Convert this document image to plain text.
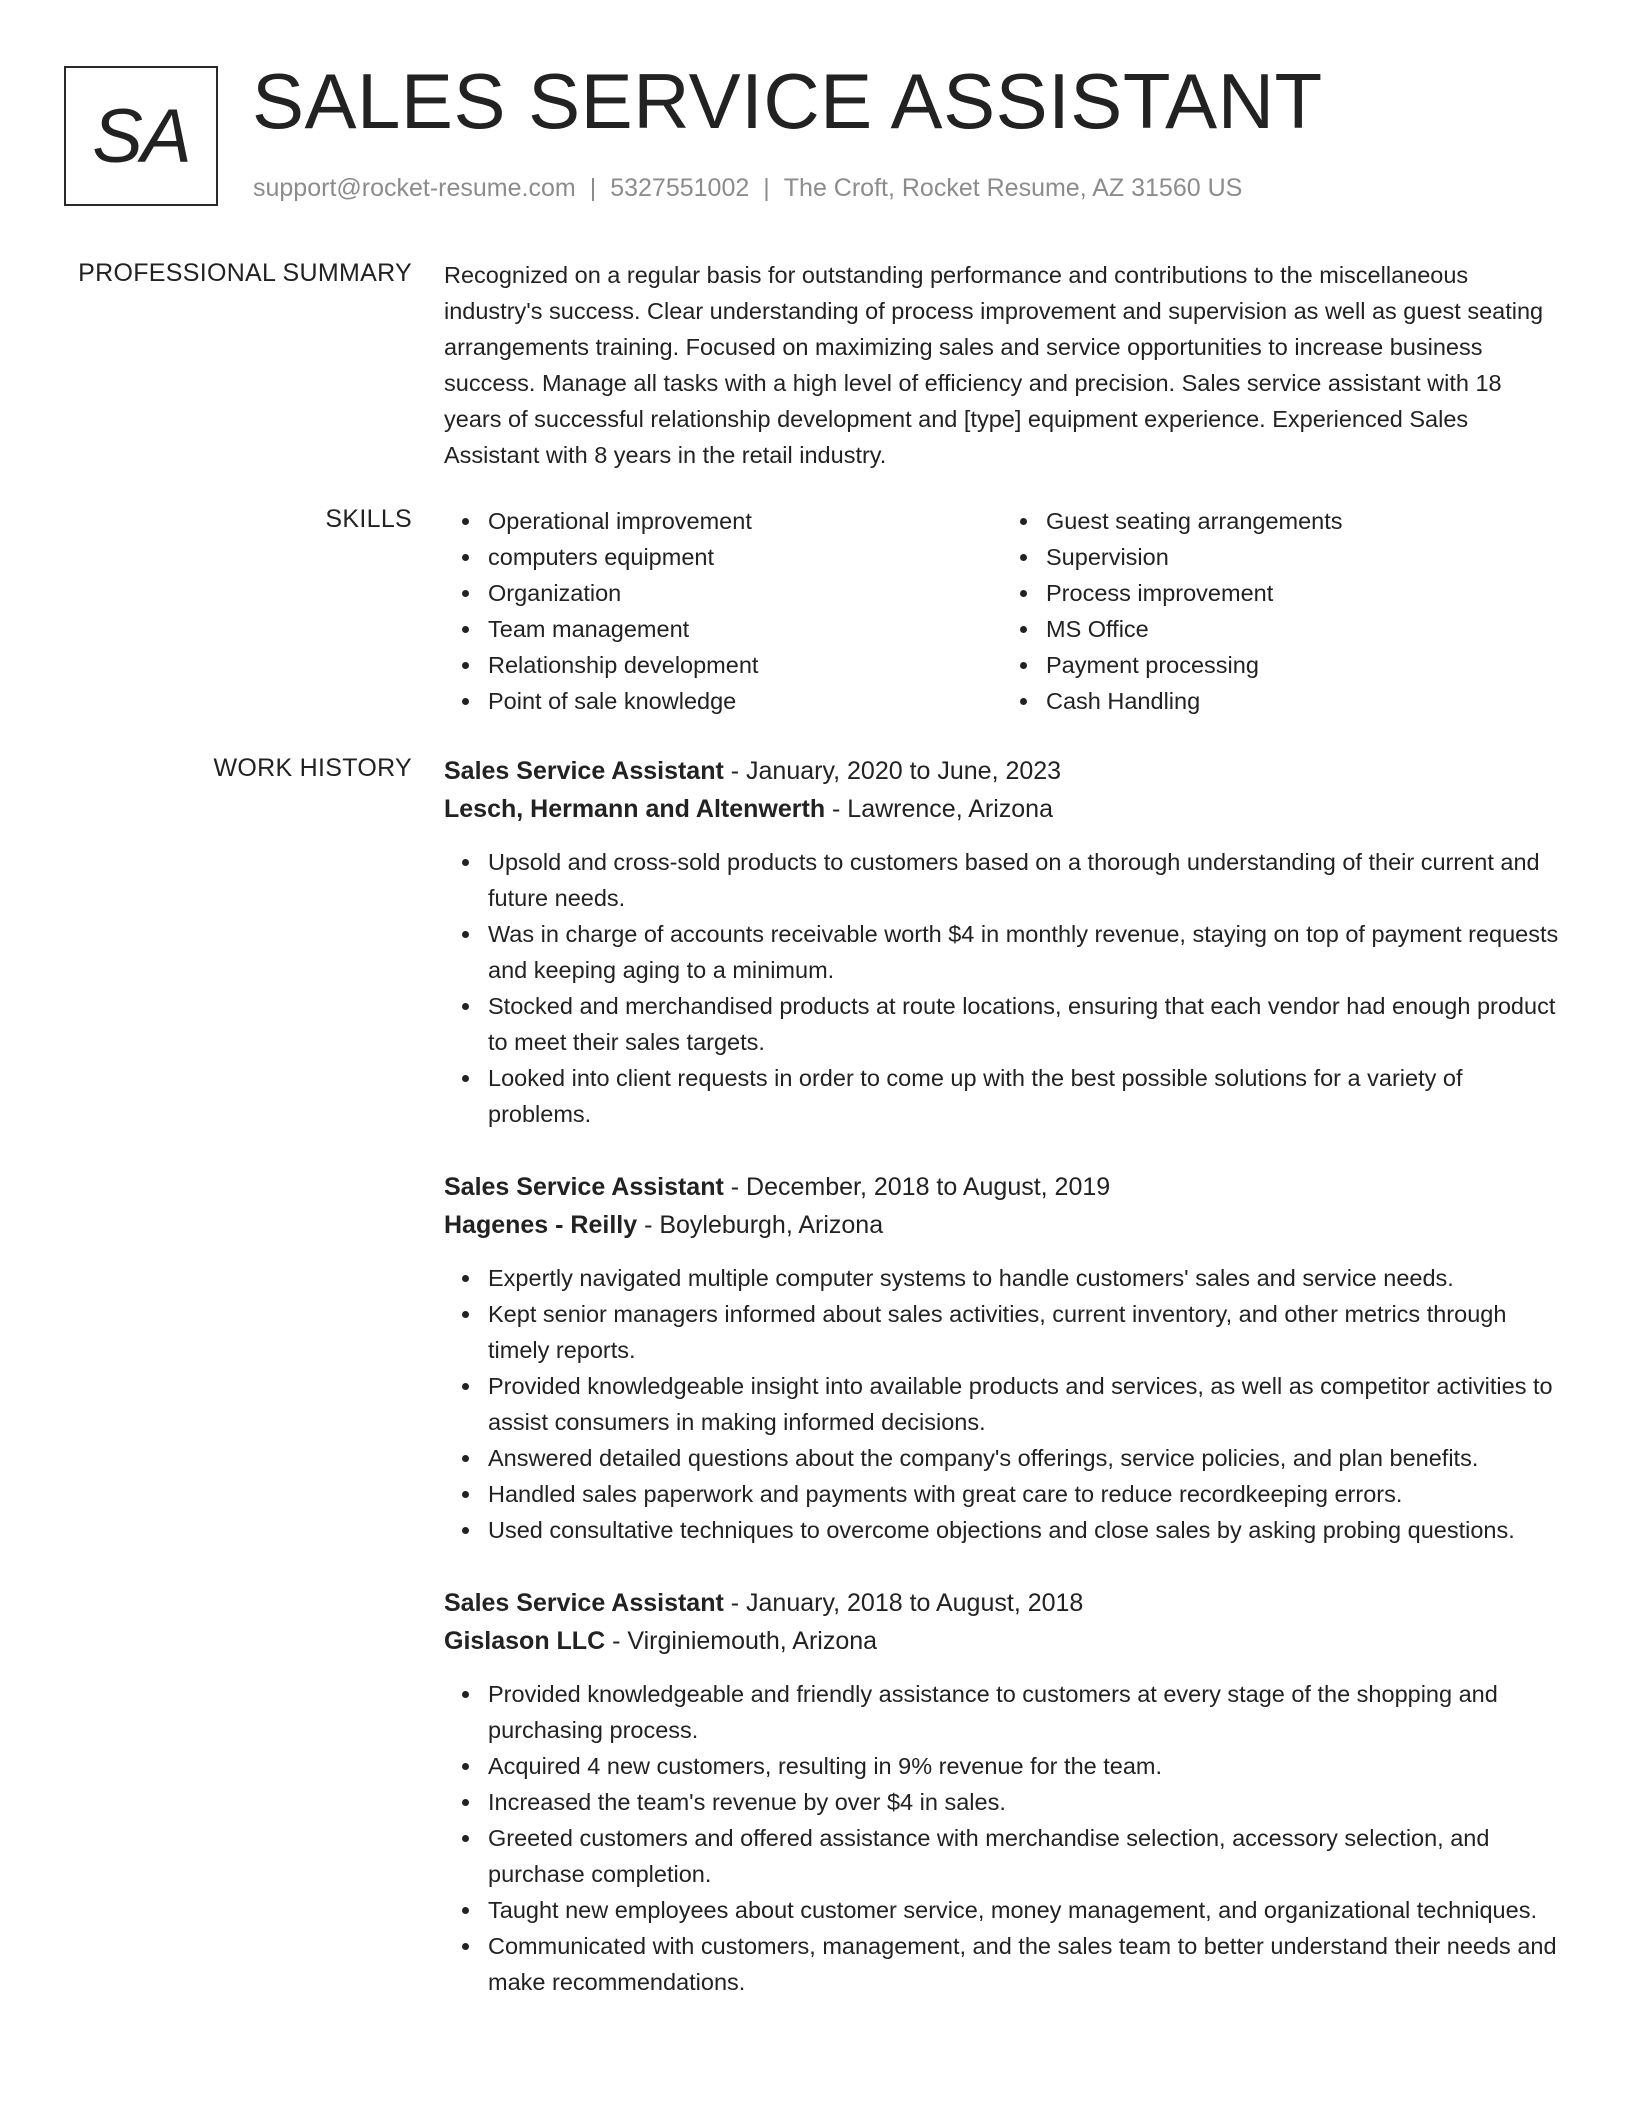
SA SALES SERVICE ASSISTANT
support@rocket-resume.com | 5327551002 | The Croft, Rocket Resume, AZ 31560 US
PROFESSIONAL SUMMARY Recognized on a regular basis for outstanding performance and contributions to the miscellaneous industry's success. Clear understanding of process improvement and supervision as well as guest seating arrangements training. Focused on maximizing sales and service opportunities to increase business success. Manage all tasks with a high level of efficiency and precision. Sales service assistant with 18 years of successful relationship development and [type] equipment experience. Experienced Sales Assistant with 8 years in the retail industry.

SKILLS	Operational improvement
computers equipment
Organization
Team management
Relationship development
Point of sale knowledge
Guest seating arrangements
Supervision
Process improvement
MS Office
Payment processing
Cash Handling
WORK HISTORY Sales Service Assistant - January, 2020 to June, 2023
Lesch, Hermann and Altenwerth - Lawrence, Arizona
Upsold and cross-sold products to customers based on a thorough understanding of their current and future needs.
Was in charge of accounts receivable worth $4 in monthly revenue, staying on top of payment requests and keeping aging to a minimum.
Stocked and merchandised products at route locations, ensuring that each vendor had enough product to meet their sales targets.
Looked into client requests in order to come up with the best possible solutions for a variety of problems.
Sales Service Assistant - December, 2018 to August, 2019
Hagenes - Reilly - Boyleburgh, Arizona
Expertly navigated multiple computer systems to handle customers' sales and service needs.
Kept senior managers informed about sales activities, current inventory, and other metrics through timely reports.
Provided knowledgeable insight into available products and services, as well as competitor activities to assist consumers in making informed decisions.
Answered detailed questions about the company's offerings, service policies, and plan benefits.
Handled sales paperwork and payments with great care to reduce recordkeeping errors.
Used consultative techniques to overcome objections and close sales by asking probing questions.
Sales Service Assistant - January, 2018 to August, 2018
Gislason LLC - Virginiemouth, Arizona
Provided knowledgeable and friendly assistance to customers at every stage of the shopping and purchasing process.
Acquired 4 new customers, resulting in 9% revenue for the team.
Increased the team's revenue by over $4 in sales.
Greeted customers and offered assistance with merchandise selection, accessory selection, and purchase completion.
Taught new employees about customer service, money management, and organizational techniques.
Communicated with customers, management, and the sales team to better understand their needs and make recommendations.
